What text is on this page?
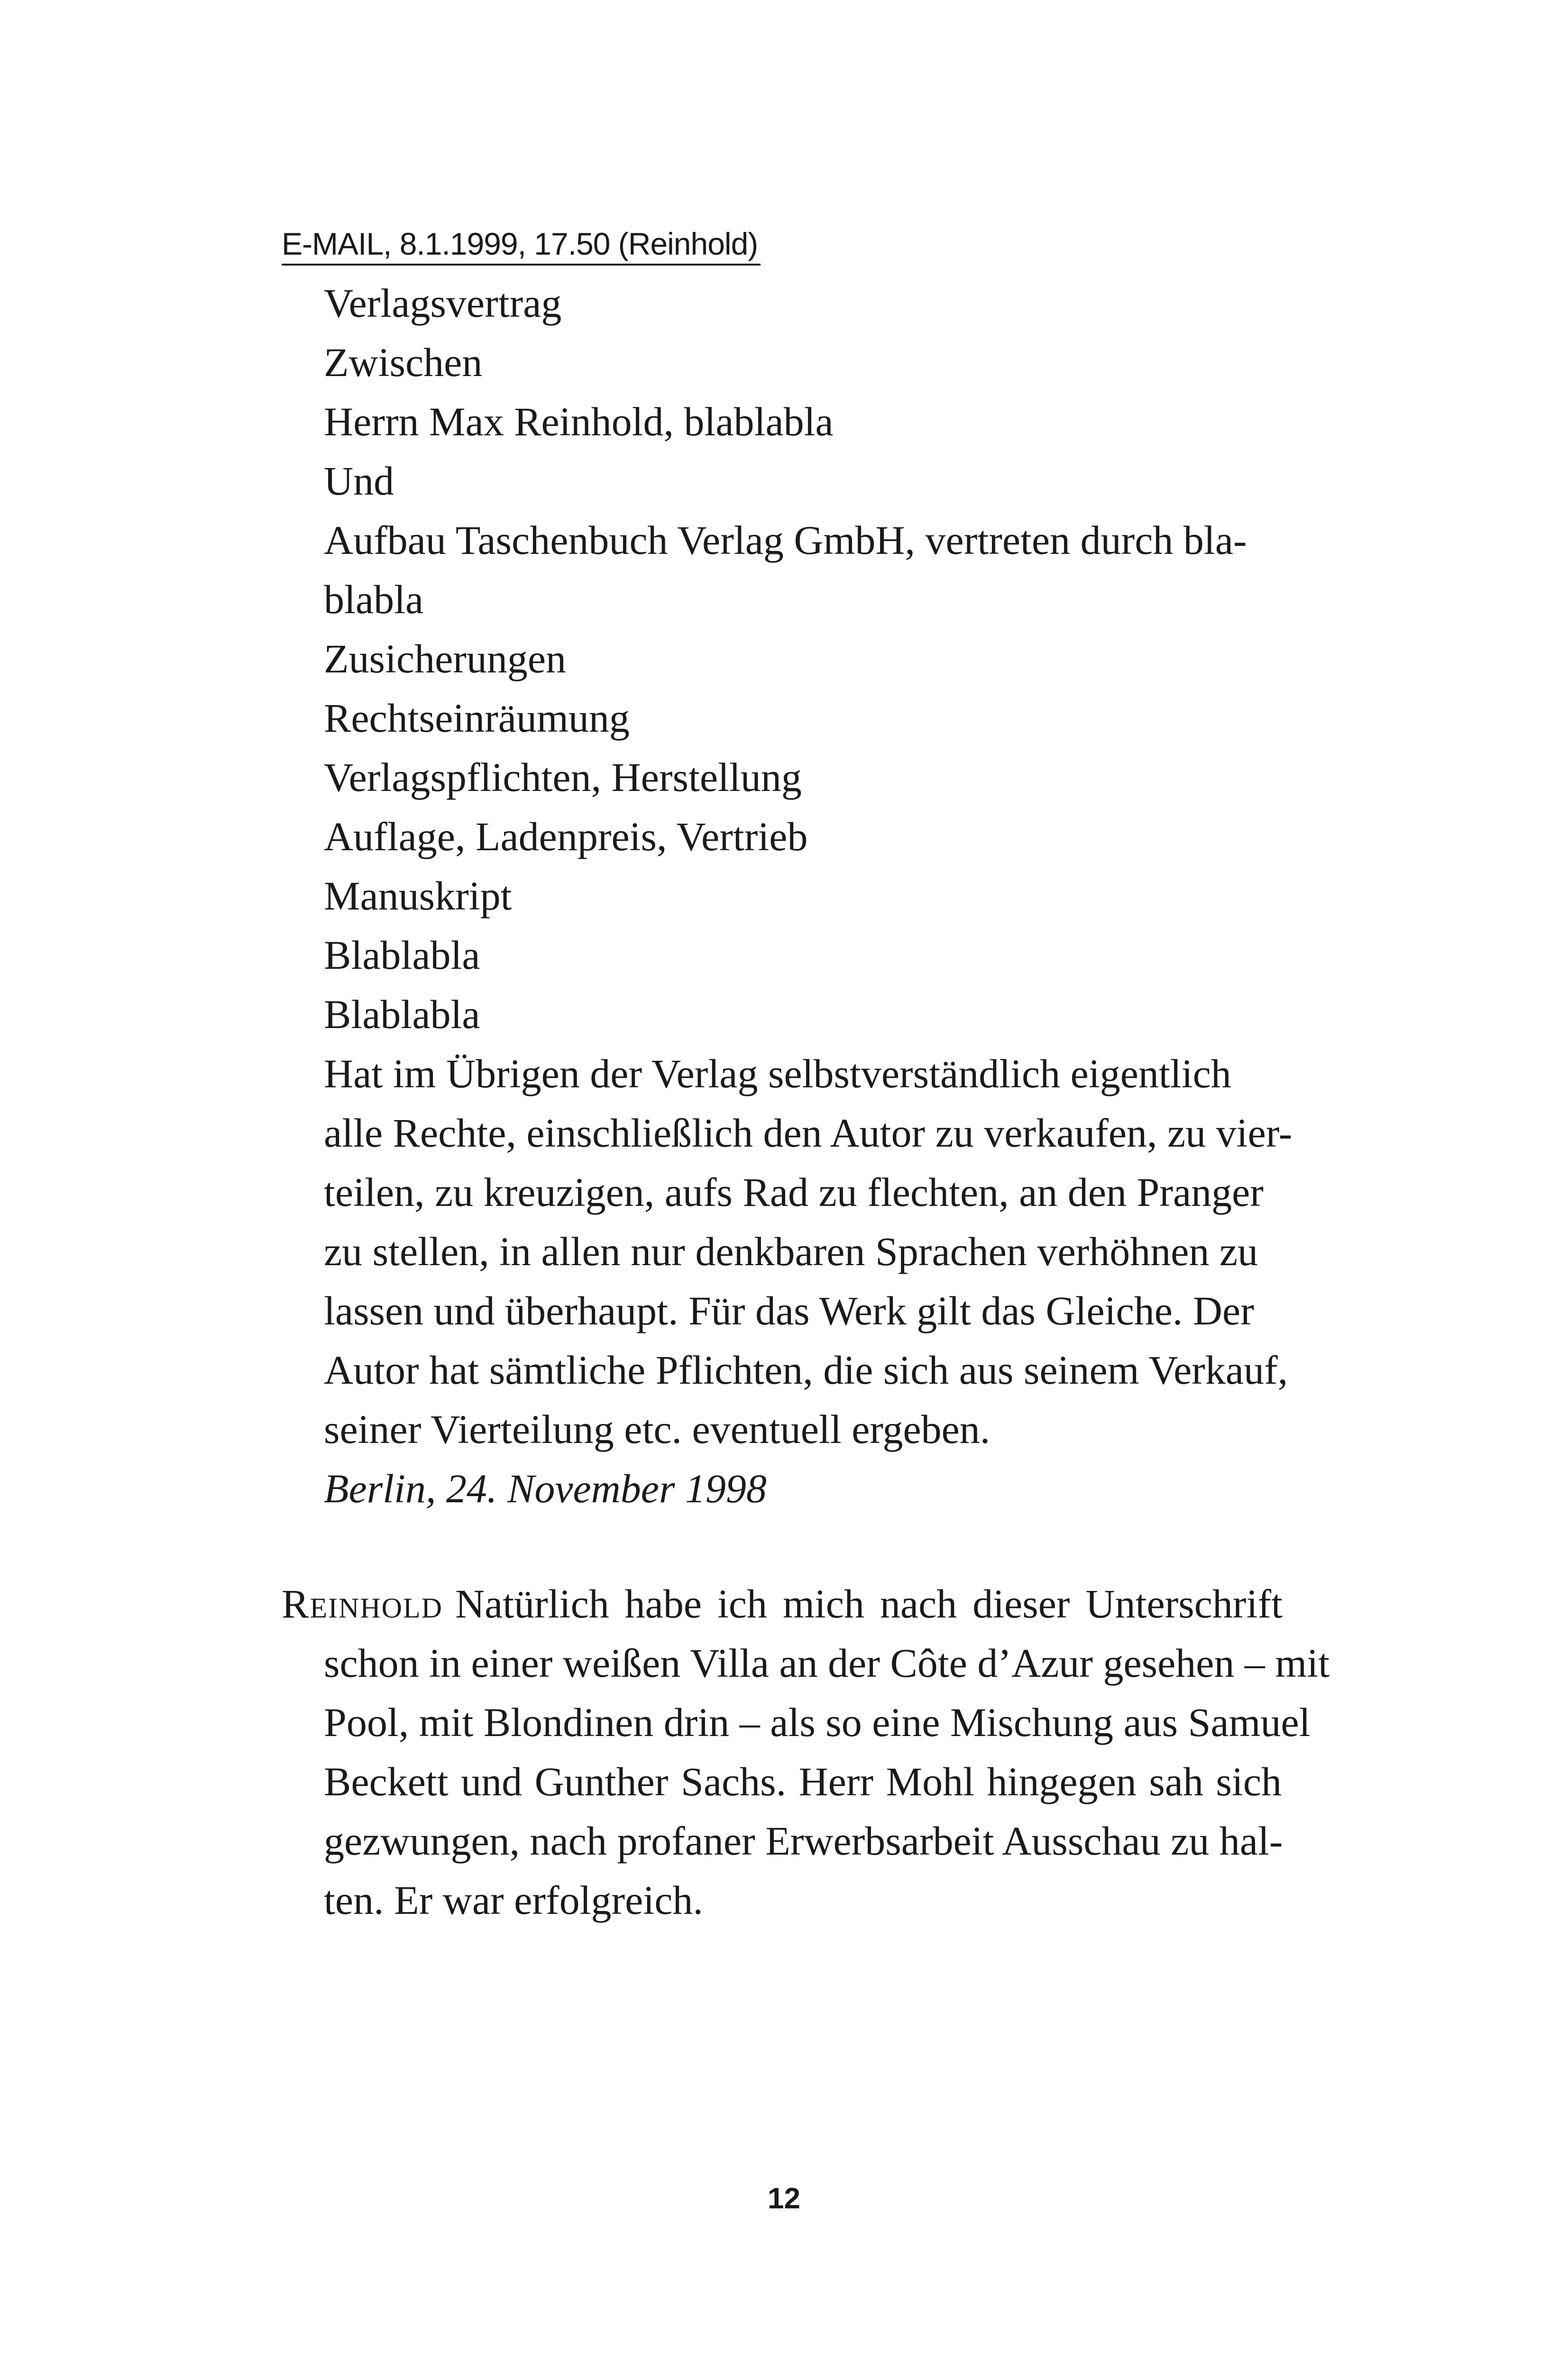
E-MAIL, 8.1.1999, 17.50 (Reinhold)
Verlagsvertrag
Zwischen
Herrn Max Reinhold, blablabla
Und
Aufbau Taschenbuch Verlag GmbH, vertreten durch bla-
blabla
Zusicherungen
Rechtseinräumung
Verlagspflichten, Herstellung
Auflage, Ladenpreis, Vertrieb
Manuskript
Blablabla
Blablabla
Hat im Übrigen der Verlag selbstverständlich eigentlich
alle Rechte, einschließlich den Autor zu verkaufen, zu vier-
teilen, zu kreuzigen, aufs Rad zu flechten, an den Pranger
zu stellen, in allen nur denkbaren Sprachen verhöhnen zu
lassen und überhaupt. Für das Werk gilt das Gleiche. Der
Autor hat sämtliche Pflichten, die sich aus seinem Verkauf,
seiner Vierteilung etc. eventuell ergeben.
Berlin, 24. November 1998
Reinhold Natürlich habe ich mich nach dieser Unterschrift
schon in einer weißen Villa an der Côte d’Azur gesehen – mit
Pool, mit Blondinen drin – als so eine Mischung aus Samuel
Beckett und Gunther Sachs. Herr Mohl hingegen sah sich
gezwungen, nach profaner Erwerbsarbeit Ausschau zu hal-
ten. Er war erfolgreich.
12
